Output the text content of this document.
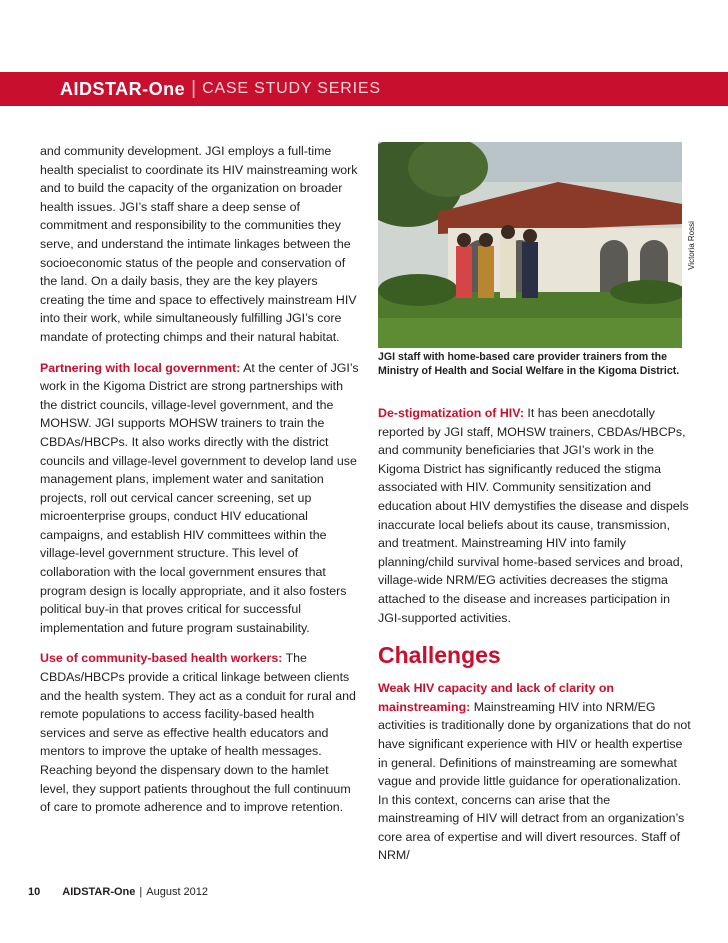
AIDSTAR-One | CASE STUDY SERIES

and community development. JGI employs a full-time health specialist to coordinate its HIV mainstreaming work and to build the capacity of the organization on broader health issues. JGI’s staff share a deep sense of commitment and responsibility to the communities they serve, and understand the intimate linkages between the socioeconomic status of the people and conservation of the land. On a daily basis, they are the key players creating the time and space to effectively mainstream HIV into their work, while simultaneously fulfilling JGI’s core mandate of protecting chimps and their natural habitat.

Partnering with local government: At the center of JGI’s work in the Kigoma District are strong partnerships with the district councils, village-level government, and the MOHSW. JGI supports MOHSW trainers to train the CBDAs/HBCPs. It also works directly with the district councils and village-level government to develop land use management plans, implement water and sanitation projects, roll out cervical cancer screening, set up microenterprise groups, conduct HIV educational campaigns, and establish HIV committees within the village-level government structure. This level of collaboration with the local government ensures that program design is locally appropriate, and it also fosters political buy-in that proves critical for successful implementation and future program sustainability.

Use of community-based health workers: The CBDAs/HBCPs provide a critical linkage between clients and the health system. They act as a conduit for rural and remote populations to access facility-based health services and serve as effective health educators and mentors to improve the uptake of health messages. Reaching beyond the dispensary down to the hamlet level, they support patients throughout the full continuum of care to promote adherence and to improve retention.

Victoria Rossi

JGI staff with home-based care provider trainers from the Ministry of Health and Social Welfare in the Kigoma District.

De-stigmatization of HIV: It has been anecdotally reported by JGI staff, MOHSW trainers, CBDAs/HBCPs, and community beneficiaries that JGI’s work in the Kigoma District has significantly reduced the stigma associated with HIV. Community sensitization and education about HIV demystifies the disease and dispels inaccurate local beliefs about its cause, transmission, and treatment. Mainstreaming HIV into family planning/child survival home-based services and broad, village-wide NRM/EG activities decreases the stigma attached to the disease and increases participation in JGI-supported activities.

Challenges

Weak HIV capacity and lack of clarity on mainstreaming: Mainstreaming HIV into NRM/EG activities is traditionally done by organizations that do not have significant experience with HIV or health expertise in general. Definitions of mainstreaming are somewhat vague and provide little guidance for operationalization. In this context, concerns can arise that the mainstreaming of HIV will detract from an organization’s core area of expertise and will divert resources. Staff of NRM/

10 AIDSTAR-One | August 2012
